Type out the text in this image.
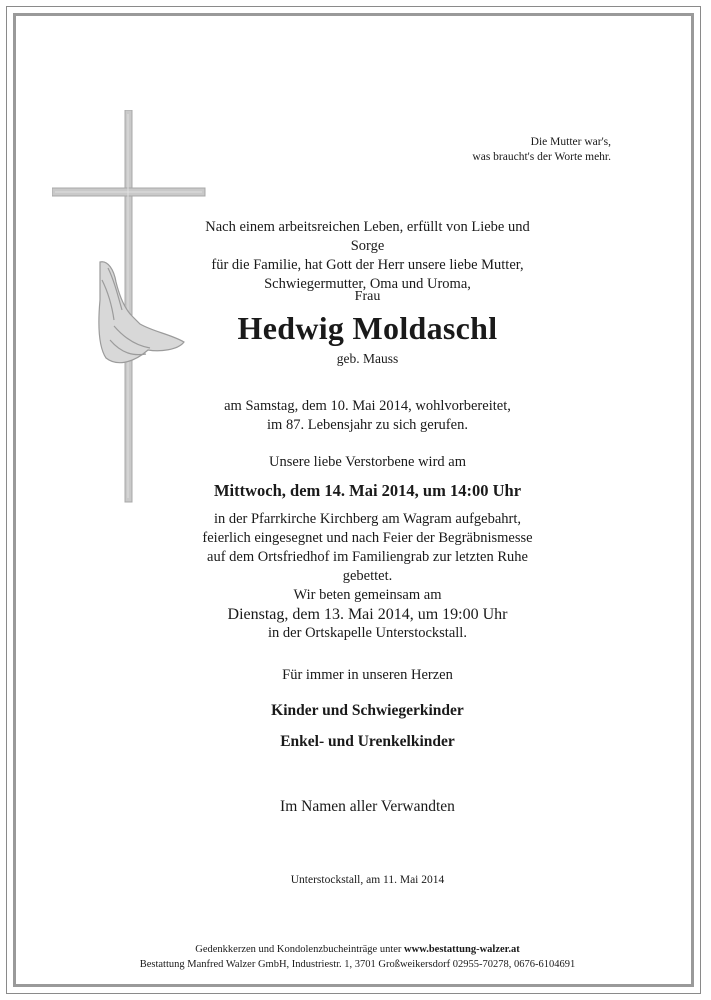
Die Mutter war's,
was braucht's der Worte mehr.
Nach einem arbeitsreichen Leben, erfüllt von Liebe und Sorge
für die Familie, hat Gott der Herr unsere liebe Mutter,
Schwiegermutter, Oma und Uroma,
Frau
Hedwig Moldaschl
geb. Mauss
am Samstag, dem 10. Mai 2014, wohlvorbereitet,
im 87. Lebensjahr zu sich gerufen.
Unsere liebe Verstorbene wird am
Mittwoch, dem 14. Mai 2014, um 14:00 Uhr
in der Pfarrkirche Kirchberg am Wagram aufgebahrt,
feierlich eingesegnet und nach Feier der Begräbnismesse
auf dem Ortsfriedhof im Familiengrab zur letzten Ruhe gebettet.
Wir beten gemeinsam am
Dienstag, dem 13. Mai 2014, um 19:00 Uhr
in der Ortskapelle Unterstockstall.
Für immer in unseren Herzen
Kinder und Schwiegerkinder
Enkel- und Urenkelkinder
Im Namen aller Verwandten
Unterstockstall, am 11. Mai 2014
Gedenkkerzen und Kondolenzbucheinträge unter www.bestattung-walzer.at
Bestattung Manfred Walzer GmbH, Industriestr. 1, 3701 Großweikersdorf 02955-70278, 0676-6104691
